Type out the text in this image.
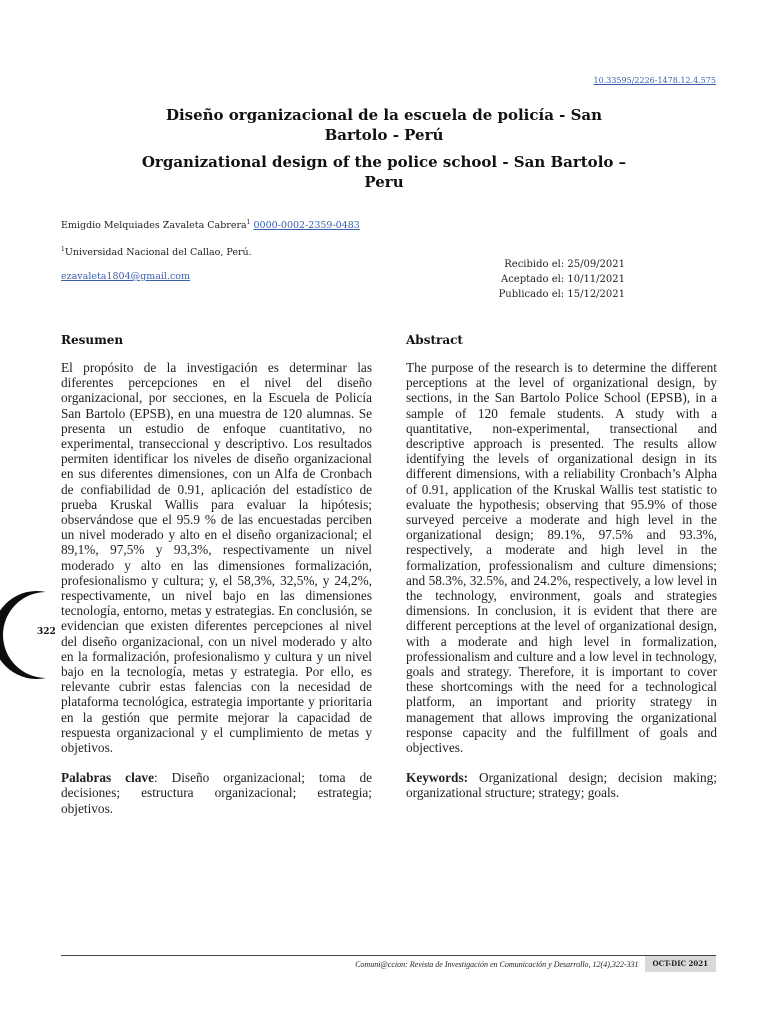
10.33595/2226-1478.12.4.575
Diseño organizacional de la escuela de policía - San Bartolo - Perú
Organizational design of the police school - San Bartolo – Peru
Emigdio Melquiades Zavaleta Cabrera$^1$ 0000-0002-2359-0483
$^1$Universidad Nacional del Callao, Perú.
ezavaleta1804@gmail.com
Recibido el: 25/09/2021
Aceptado el: 10/11/2021
Publicado el: 15/12/2021
Resumen

El propósito de la investigación es determinar las diferentes percepciones en el nivel del diseño organizacional, por secciones, en la Escuela de Policía San Bartolo (EPSB), en una muestra de 120 alumnas. Se presenta un estudio de enfoque cuantitativo, no experimental, transeccional y descriptivo. Los resultados permiten identificar los niveles de diseño organizacional en sus diferentes dimensiones, con un Alfa de Cronbach de confiabilidad de 0.91, aplicación del estadístico de prueba Kruskal Wallis para evaluar la hipótesis; observándose que el 95.9 % de las encuestadas perciben un nivel moderado y alto en el diseño organizacional; el 89,1%, 97,5% y 93,3%, respectivamente un nivel moderado y alto en las dimensiones formalización, profesionalismo y cultura; y, el 58,3%, 32,5%, y 24,2%, respectivamente, un nivel bajo en las dimensiones tecnología, entorno, metas y estrategias. En conclusión, se evidencian que existen diferentes percepciones al nivel del diseño organizacional, con un nivel moderado y alto en la formalización, profesionalismo y cultura y un nivel bajo en la tecnología, metas y estrategia. Por ello, es relevante cubrir estas falencias con la necesidad de plataforma tecnológica, estrategia importante y prioritaria en la gestión que permite mejorar la capacidad de respuesta organizacional y el cumplimiento de metas y objetivos.

Palabras clave: Diseño organizacional; toma de decisiones; estructura organizacional; estrategia; objetivos.

Abstract

The purpose of the research is to determine the different perceptions at the level of organizational design, by sections, in the San Bartolo Police School (EPSB), in a sample of 120 female students. A study with a quantitative, non-experimental, transectional and descriptive approach is presented. The results allow identifying the levels of organizational design in its different dimensions, with a reliability Cronbach’s Alpha of 0.91, application of the Kruskal Wallis test statistic to evaluate the hypothesis; observing that 95.9% of those surveyed perceive a moderate and high level in the organizational design; 89.1%, 97.5% and 93.3%, respectively, a moderate and high level in the formalization, professionalism and culture dimensions; and 58.3%, 32.5%, and 24.2%, respectively, a low level in the technology, environment, goals and strategies dimensions. In conclusion, it is evident that there are different perceptions at the level of organizational design, with a moderate and high level in formalization, professionalism and culture and a low level in technology, goals and strategy. Therefore, it is important to cover these shortcomings with the need for a technological platform, an important and priority strategy in management that allows improving the organizational response capacity and the fulfillment of goals and objectives.

Keywords: Organizational design; decision making; organizational structure; strategy; goals.

322
Comuni@ccion: Revista de Investigación en Comunicación y Desarrollo, 12(4),322-331	OCT-DIC 2021
